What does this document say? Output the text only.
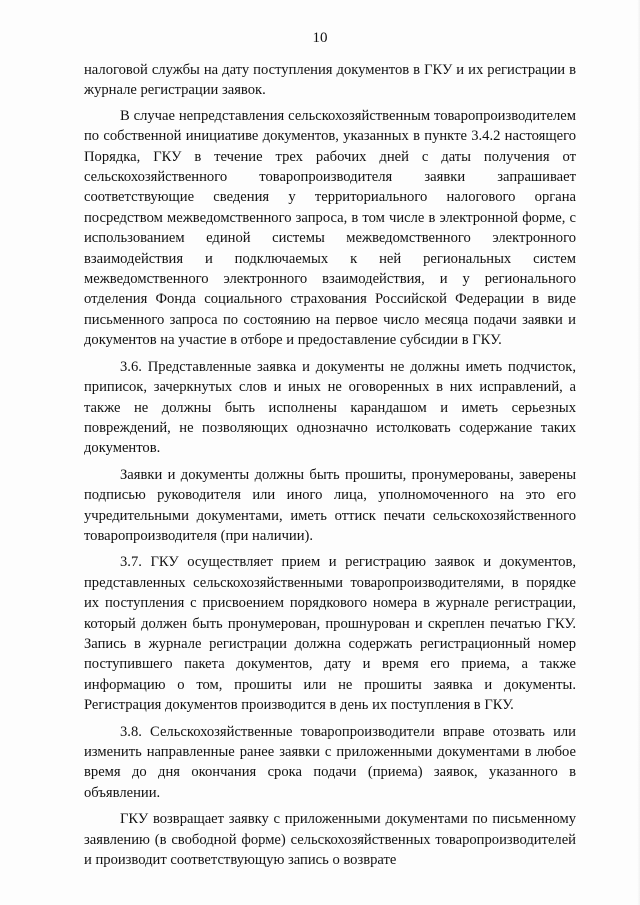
10

налоговой службы на дату поступления документов в ГКУ и их регистрации в журнале регистрации заявок.

В случае непредставления сельскохозяйственным товаропроизводителем по собственной инициативе документов, указанных в пункте 3.4.2 настоящего Порядка, ГКУ в течение трех рабочих дней с даты получения от сельскохозяйственного товаропроизводителя заявки запрашивает соответствующие сведения у территориального налогового органа посредством межведомственного запроса, в том числе в электронной форме, с использованием единой системы межведомственного электронного взаимодействия и подключаемых к ней региональных систем межведомственного электронного взаимодействия, и у регионального отделения Фонда социального страхования Российской Федерации в виде письменного запроса по состоянию на первое число месяца подачи заявки и документов на участие в отборе и предоставление субсидии в ГКУ.

3.6. Представленные заявка и документы не должны иметь подчисток, приписок, зачеркнутых слов и иных не оговоренных в них исправлений, а также не должны быть исполнены карандашом и иметь серьезных повреждений, не позволяющих однозначно истолковать содержание таких документов.

Заявки и документы должны быть прошиты, пронумерованы, заверены подписью руководителя или иного лица, уполномоченного на это его учредительными документами, иметь оттиск печати сельскохозяйственного товаропроизводителя (при наличии).

3.7. ГКУ осуществляет прием и регистрацию заявок и документов, представленных сельскохозяйственными товаропроизводителями, в порядке их поступления с присвоением порядкового номера в журнале регистрации, который должен быть пронумерован, прошнурован и скреплен печатью ГКУ. Запись в журнале регистрации должна содержать регистрационный номер поступившего пакета документов, дату и время его приема, а также информацию о том, прошиты или не прошиты заявка и документы. Регистрация документов производится в день их поступления в ГКУ.

3.8. Сельскохозяйственные товаропроизводители вправе отозвать или изменить направленные ранее заявки с приложенными документами в любое время до дня окончания срока подачи (приема) заявок, указанного в объявлении.

ГКУ возвращает заявку с приложенными документами по письменному заявлению (в свободной форме) сельскохозяйственных товаропроизводителей и производит соответствующую запись о возврате
